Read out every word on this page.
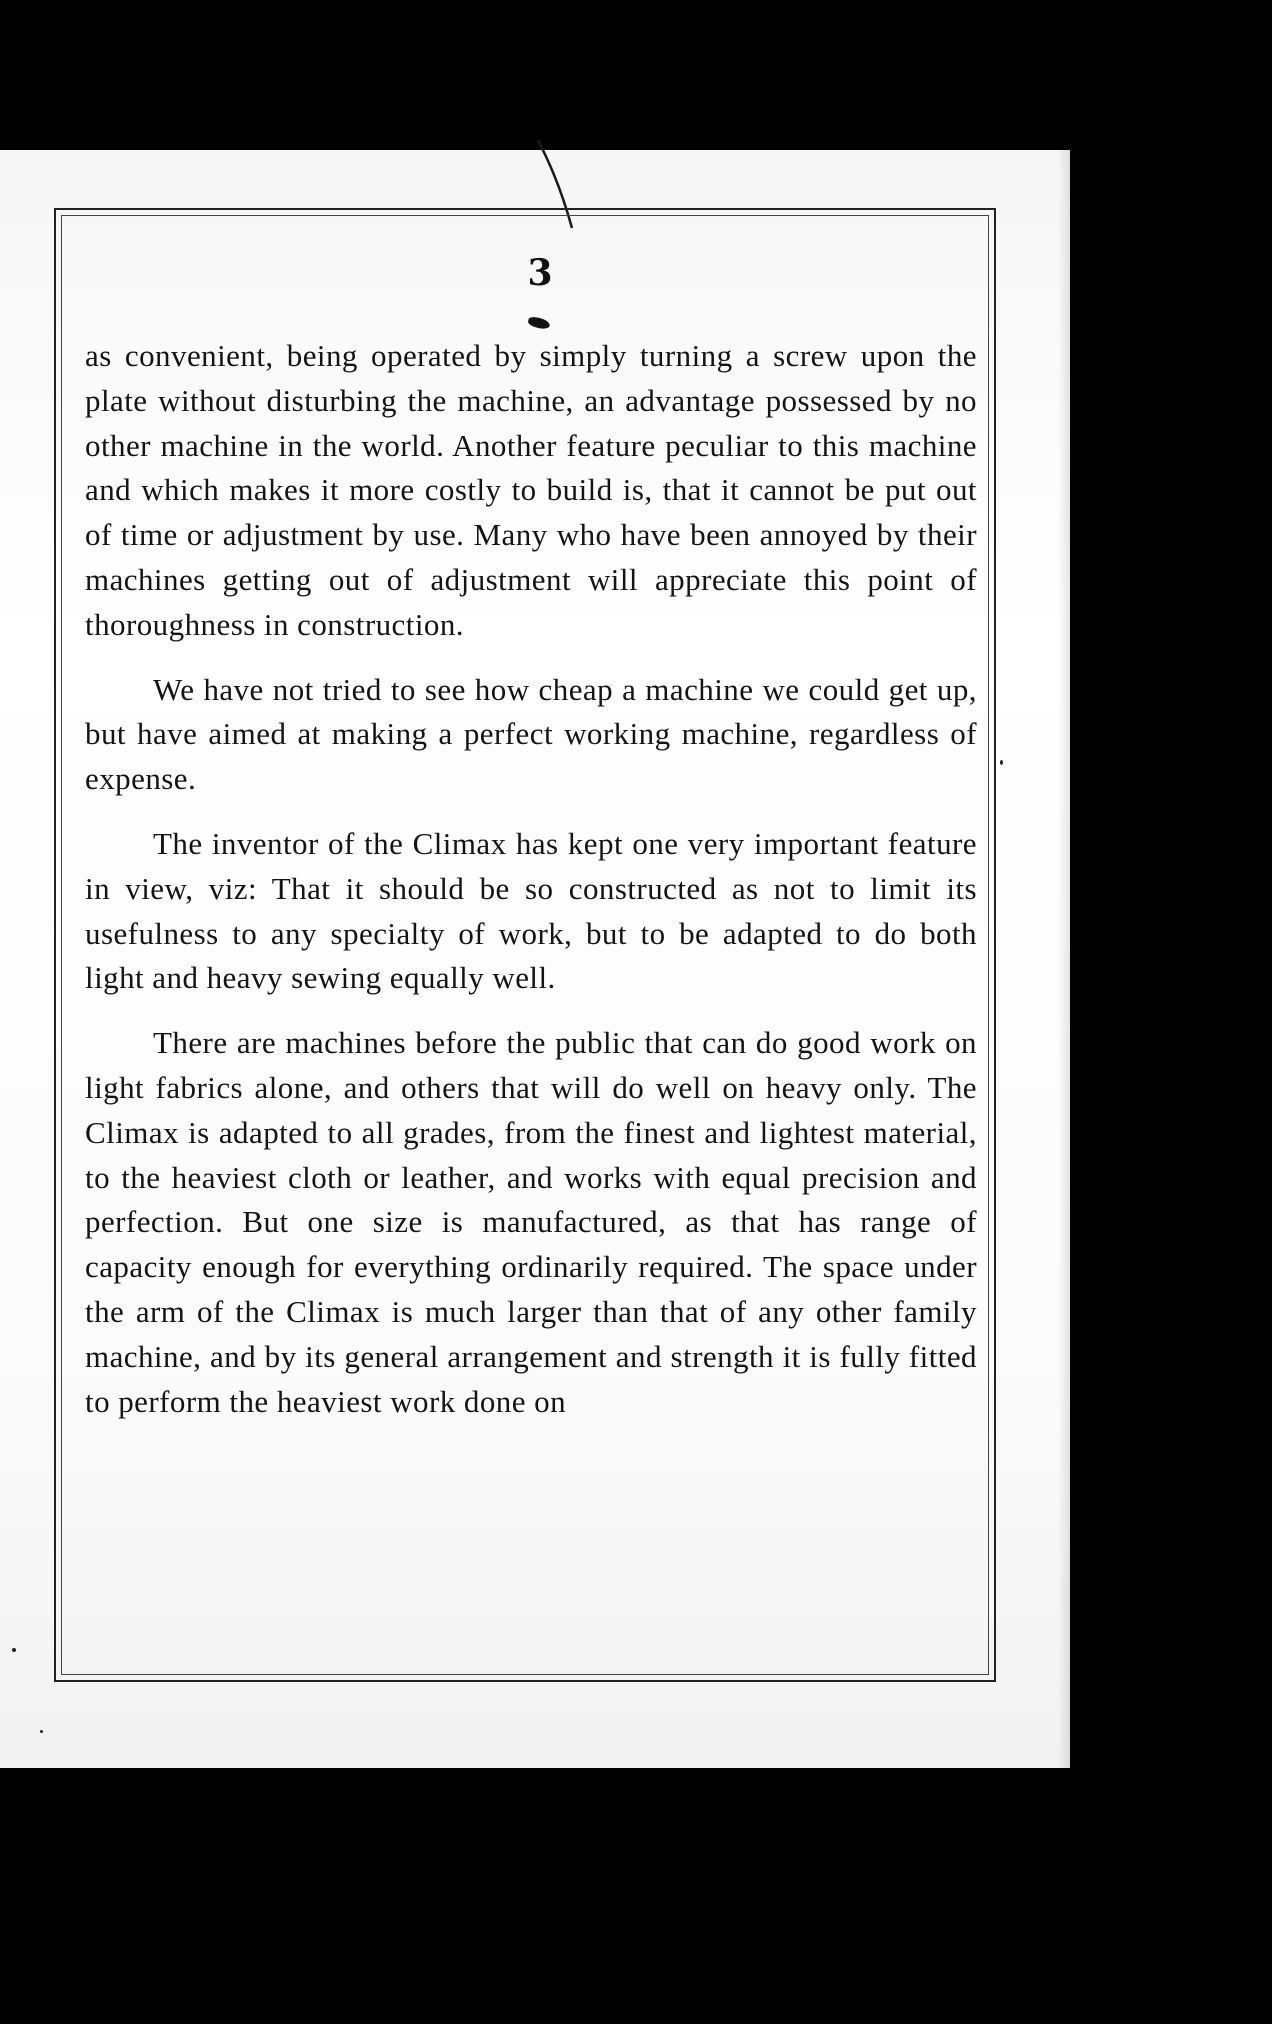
3

as convenient, being operated by simply turning a screw upon the plate without disturbing the machine, an advantage possessed by no other machine in the world. Another feature peculiar to this machine and which makes it more costly to build is, that it cannot be put out of time or adjustment by use. Many who have been annoyed by their machines getting out of adjustment will appreciate this point of thoroughness in construction.

We have not tried to see how cheap a machine we could get up, but have aimed at making a perfect working machine, regardless of expense.

The inventor of the Climax has kept one very important feature in view, viz: That it should be so constructed as not to limit its usefulness to any specialty of work, but to be adapted to do both light and heavy sewing equally well.

There are machines before the public that can do good work on light fabrics alone, and others that will do well on heavy only. The Climax is adapted to all grades, from the finest and lightest material, to the heaviest cloth or leather, and works with equal precision and perfection. But one size is manufactured, as that has range of capacity enough for everything ordinarily required. The space under the arm of the Climax is much larger than that of any other family machine, and by its general arrangement and strength it is fully fitted to perform the heaviest work done on
